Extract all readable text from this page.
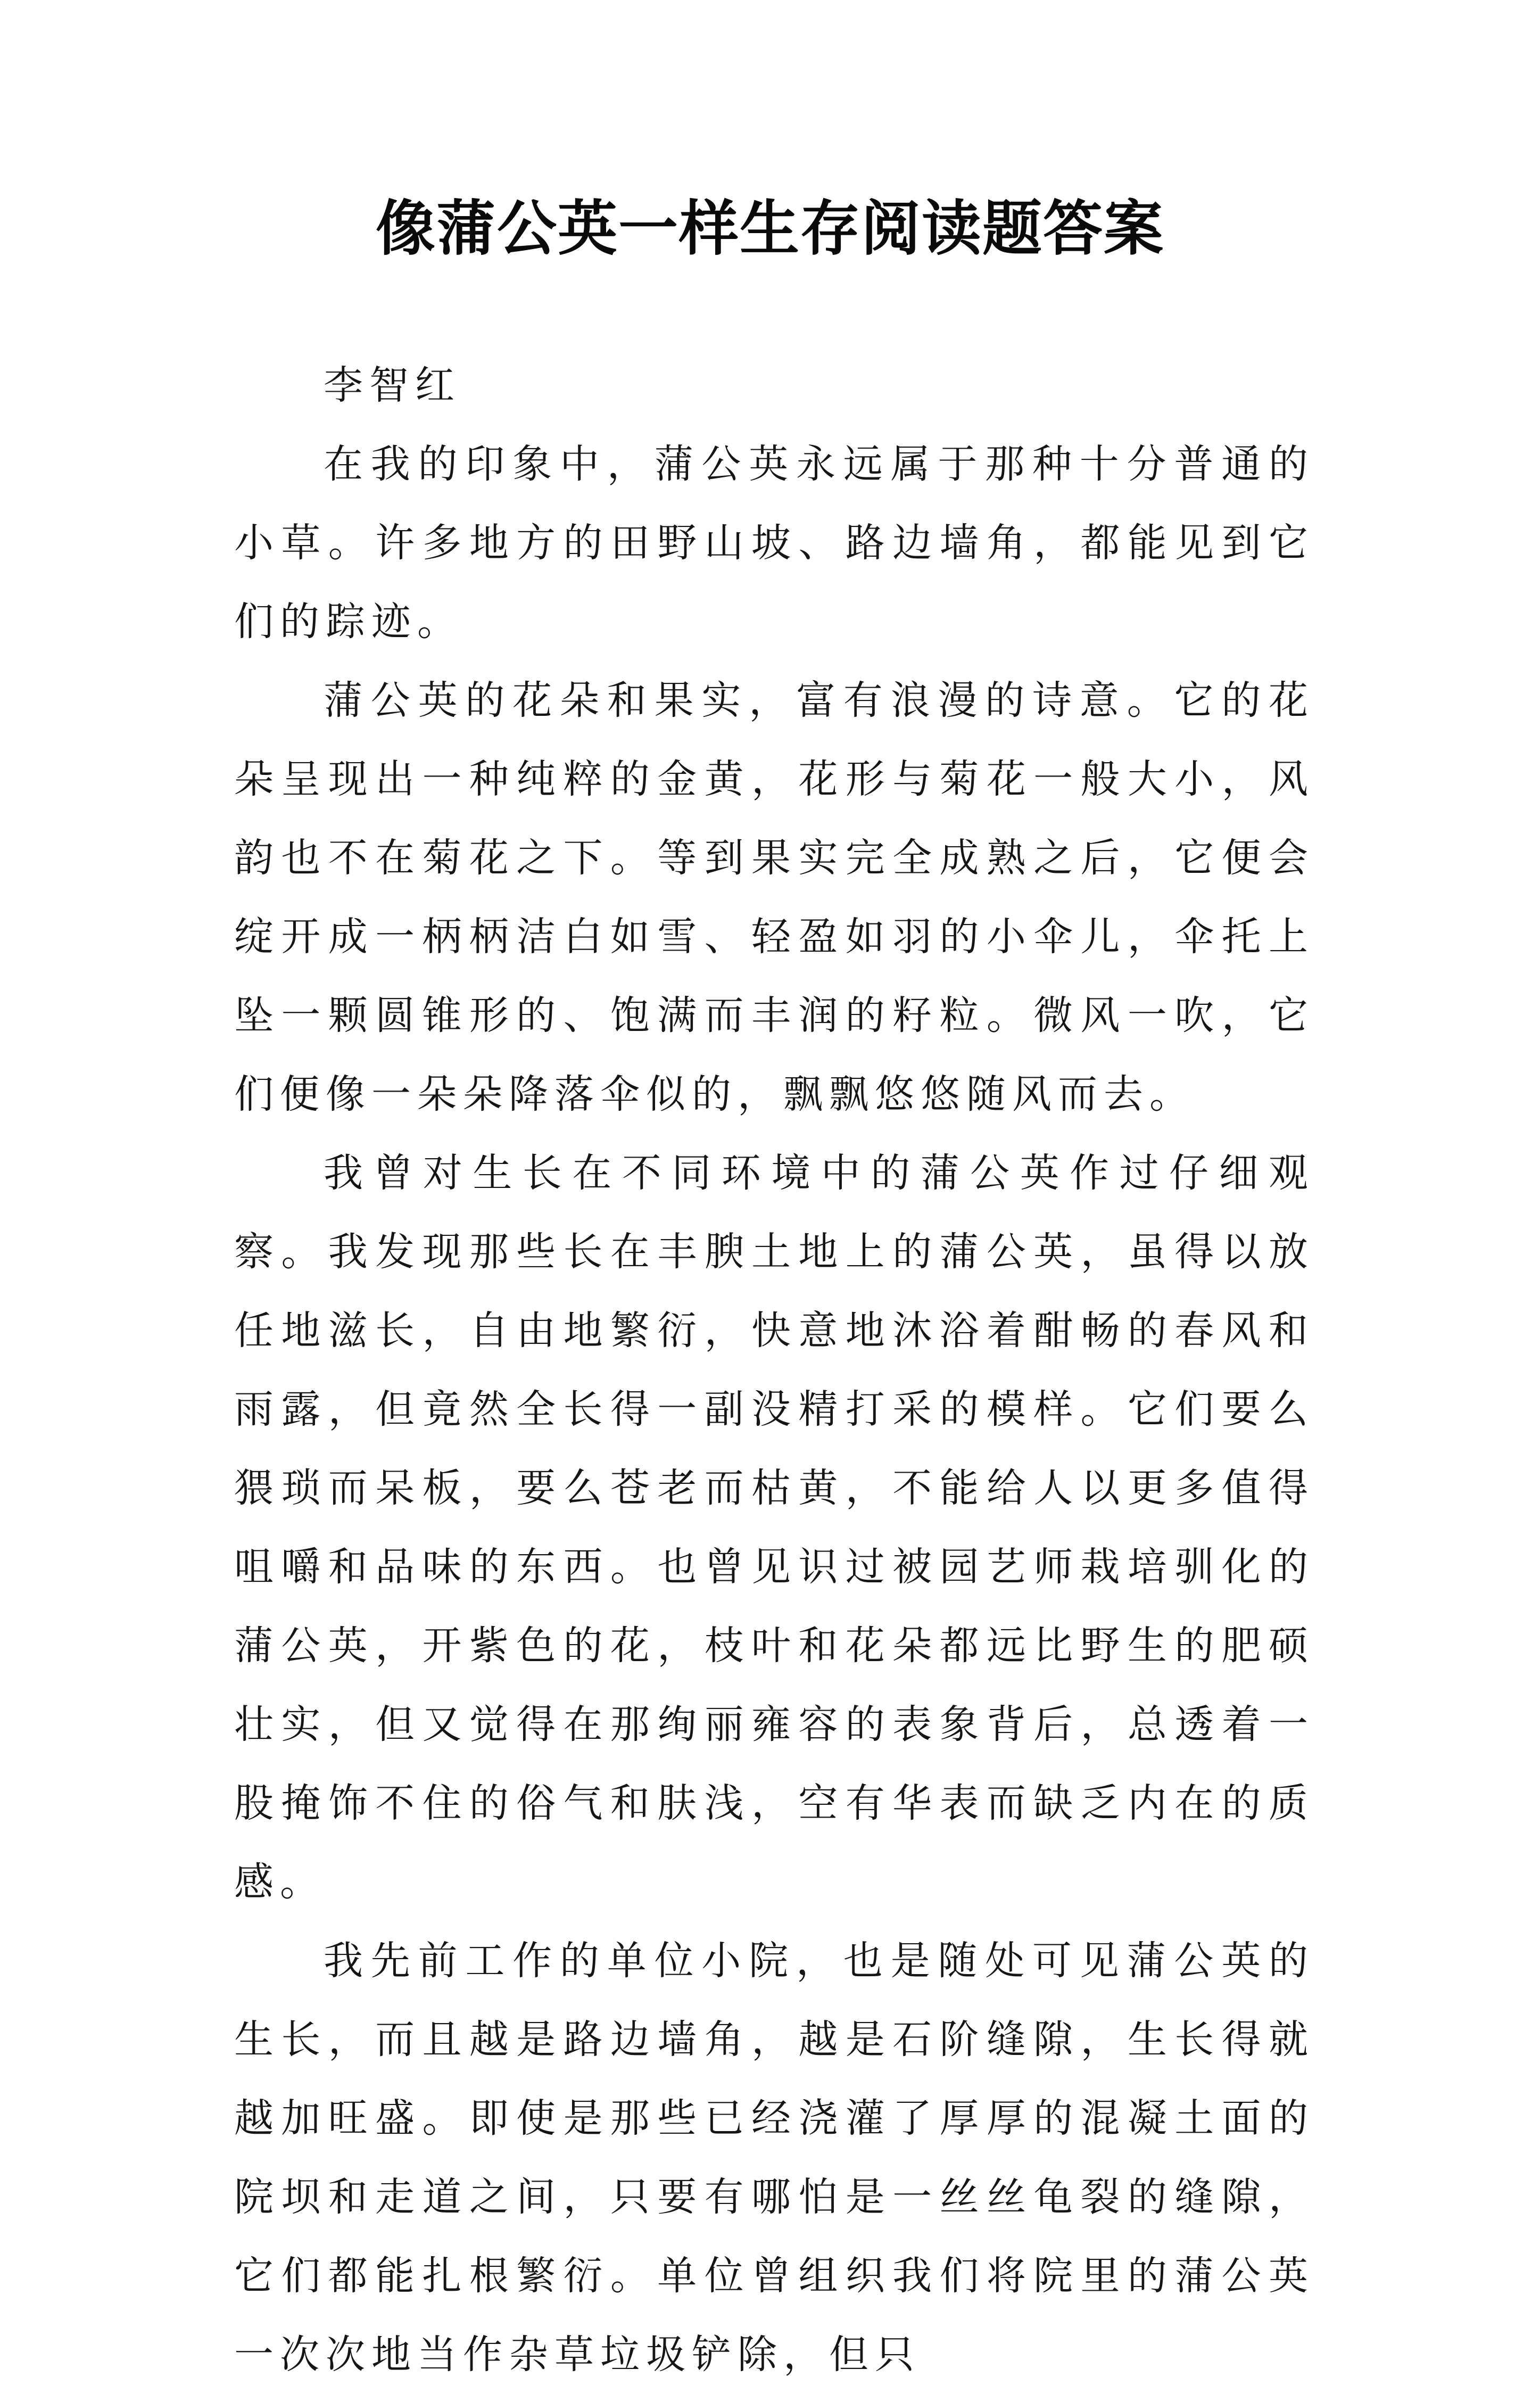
像蒲公英一样生存阅读题答案

李智红

在我的印象中，蒲公英永远属于那种十分普通的小草。许多地方的田野山坡、路边墙角，都能见到它们的踪迹。

蒲公英的花朵和果实，富有浪漫的诗意。它的花朵呈现出一种纯粹的金黄，花形与菊花一般大小，风韵也不在菊花之下。等到果实完全成熟之后，它便会绽开成一柄柄洁白如雪、轻盈如羽的小伞儿，伞托上坠一颗圆锥形的、饱满而丰润的籽粒。微风一吹，它们便像一朵朵降落伞似的，飘飘悠悠随风而去。

我曾对生长在不同环境中的蒲公英作过仔细观察。我发现那些长在丰腴土地上的蒲公英，虽得以放任地滋长，自由地繁衍，快意地沐浴着酣畅的春风和雨露，但竟然全长得一副没精打采的模样。它们要么猥琐而呆板，要么苍老而枯黄，不能给人以更多值得咀嚼和品味的东西。也曾见识过被园艺师栽培驯化的蒲公英，开紫色的花，枝叶和花朵都远比野生的肥硕壮实，但又觉得在那绚丽雍容的表象背后，总透着一股掩饰不住的俗气和肤浅，空有华表而缺乏内在的质感。

我先前工作的单位小院，也是随处可见蒲公英的生长，而且越是路边墙角，越是石阶缝隙，生长得就越加旺盛。即使是那些已经浇灌了厚厚的混凝土面的院坝和走道之间，只要有哪怕是一丝丝龟裂的缝隙，它们都能扎根繁衍。单位曾组织我们将院里的蒲公英一次次地当作杂草垃圾铲除，但只
